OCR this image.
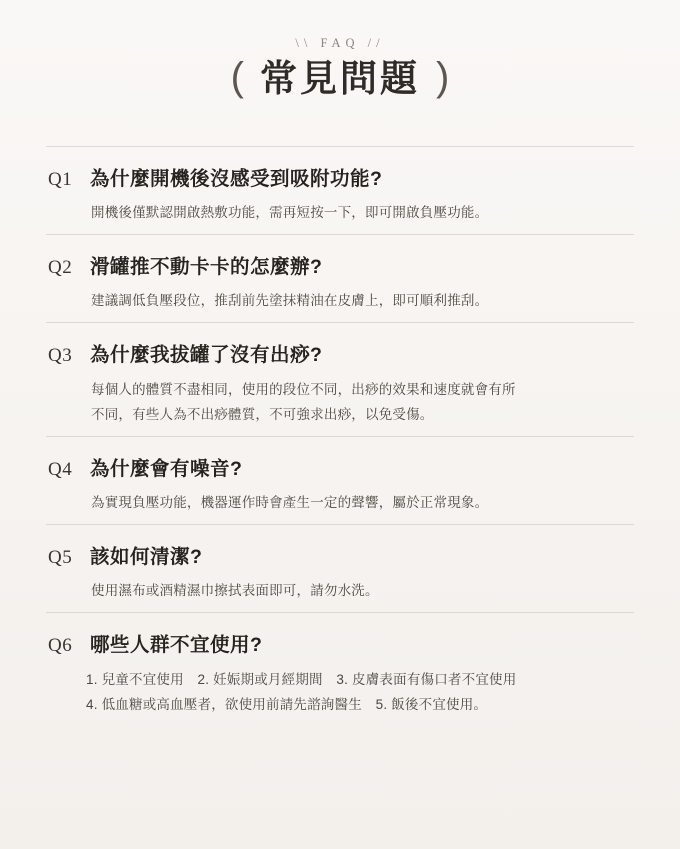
\\ FAQ //
( 常見問題 )
Q1 為什麼開機後沒感受到吸附功能?
開機後僅默認開啟熱敷功能，需再短按一下，即可開啟負壓功能。
Q2 滑罐推不動卡卡的怎麼辦?
建議調低負壓段位，推刮前先塗抹精油在皮膚上，即可順利推刮。
Q3 為什麼我拔罐了沒有出痧?
每個人的體質不盡相同，使用的段位不同，出痧的效果和速度就會有所
不同，有些人為不出痧體質，不可強求出痧，以免受傷。
Q4 為什麼會有噪音?
為實現負壓功能，機器運作時會產生一定的聲響，屬於正常現象。
Q5 該如何清潔?
使用濕布或酒精濕巾擦拭表面即可，請勿水洗。
Q6 哪些人群不宜使用?
1. 兒童不宜使用　2. 妊娠期或月經期間　3. 皮膚表面有傷口者不宜使用
4. 低血糖或高血壓者，欲使用前請先諮詢醫生　5. 飯後不宜使用。
